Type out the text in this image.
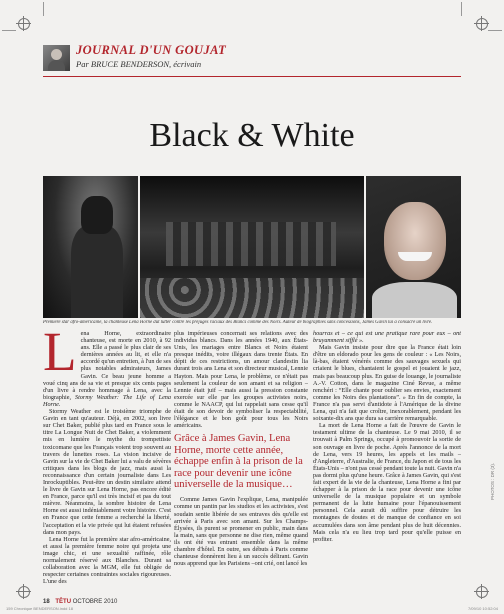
JOURNAL D'UN GOUJAT
Par BRUCE BENDERSON, écrivain
Black & White
Première star afro-américaine, la chanteuse Lena Horne dut lutter contre les préjugés raciaux des Blancs comme des Noirs. Auteur de biographies sans concessions, James Gavin lui a consacré un livre.
PHOTOS : DR (3).
L ena Horne, extraordinaire chanteuse, est morte en 2010, à 92 ans. Elle a passé le plus clair de ses dernières années au lit, et elle n'a accordé qu'un entretien, à l'un de ses plus notables admirateurs, James Gavin. Ce beau jeune homme a voué cinq ans de sa vie et presque six cents pages d'un livre à rendre hommage à Lena, avec la biographie, Stormy Weather: The Life of Lena Horne.

Stormy Weather est le troisième triomphe de Gavin en tant qu'auteur. Déjà, en 2002, son livre sur Chet Baker, publié plus tard en France sous le titre La Longue Nuit de Chet Baker, a violemment mis en lumière le mythe du trompettiste toxicomane que les Français voient trop souvent au travers de lunettes roses. La vision incisive de Gavin sur la vie de Chet Baker lui a valu de sévères critiques dans les blogs de jazz, mais aussi la reconnaissance d'un certain journaliste dans Les Inrockuptibles. Peut-être un destin similaire attend le livre de Gavin sur Lena Horne, pas encore édité en France, parce qu'il est très incisif et pas du tout mièvre. Néanmoins, la sombre histoire de Lena Horne est aussi indéniablement votre histoire. C'est en France que cette femme a recherché la liberté, l'acceptation et la vie privée qui lui étaient refusées dans mon pays.

Lena Horne fut la première star afro-américaine, et aussi la première femme noire qui projeta une image chic, et une sexualité raffinée, rôle normalement réservé aux Blanches. Durant sa collaboration avec la MGM, elle fut obligée de respecter certaines contraintes sociales rigoureuses. L'une des

plus impérieuses concernait ses relations avec des individus blancs. Dans les années 1940, aux États-Unis, les mariages entre Blancs et Noirs étaient presque inédits, voire illégaux dans trente États. En dépit de ces restrictions, un amour clandestin lia durant trois ans Lena et son directeur musical, Lennie Hayton. Mais pour Lena, le problème, ce n'était pas seulement la couleur de son amant et sa religion – Lennie était juif – mais aussi la pression constante exercée sur elle par les groupes activistes noirs, comme le NAACP, qui lui rappelait sans cesse qu'il était de son devoir de symboliser la respectabilité, l'élégance et le bon goût pour tous les Noirs américains.

Grâce à James Gavin, Lena Horne, morte cette année, échappe enfin à la prison de la race pour devenir une icône universelle de la musique…

Comme James Gavin l'explique, Lena, manipulée comme un pantin par les studios et les activistes, s'est soudain sentie libérée de ses entraves dès qu'elle est arrivée à Paris avec son amant. Sur les Champs-Élysées, ils purent se promener en public, main dans la main, sans que personne ne dise rien, même quand ils ont été vus entrant ensemble dans la même chambre d'hôtel. En outre, ses débuts à Paris comme chanteuse donnèrent lieu à un succès délirant. Gavin nous apprend que les Parisiens –ont crié, ont lancé les

hourras et – ce qui est une pratique rare pour eux – ont bruyamment sifflé ».

Mais Gavin insiste pour dire que la France était loin d'être un eldorado pour les gens de couleur : « Les Noirs, là-bas, étaient vénérés comme des sauvages sexuels qui criaient le blues, chantaient le gospel et jouaient le jazz, mais pas beaucoup plus. En guise de louange, le journaliste A.-V. Cotton, dans le magazine Ciné Revue, a même renchéri : “Elle chante pour oublier ses envies, exactement comme les Noirs des plantations”. » En fin de compte, la France n'a pas servi d'antidote à l'Amérique de la divine Lena, qui n'a fait que croître, inexorablement, pendant les soixante-dix ans que dura sa carrière remarquable.

La mort de Lena Horne a fait de l'œuvre de Gavin le testament ultime de la chanteuse. Le 9 mai 2010, il se trouvait à Palm Springs, occupé à promouvoir la sortie de son ouvrage en livre de poche. Après l'annonce de la mort de Lena, vers 19 heures, les appels et les mails – d'Angleterre, d'Australie, de France, du Japon et de tous les États-Unis – n'ont pas cessé pendant toute la nuit. Gavin n'a pas dormi plus qu'une heure. Grâce à James Gavin, qui s'est fait expert de la vie de la chanteuse, Lena Horne a fini par échapper à la prison de la race pour devenir une icône universelle de la musique populaire et un symbole permanent de la lutte humaine pour l'épanouissement personnel. Cela aurait dû suffire pour détruire les montagnes de doutes et de manque de confiance en soi accumulées dans son âme pendant plus de huit décennies. Mais cela n'a eu lieu trop tard pour qu'elle puisse en profiter.

18 TÊTU OCTOBRE 2010
159 Chronique BENDERSON.indd 18	7/09/10 10:52:04
